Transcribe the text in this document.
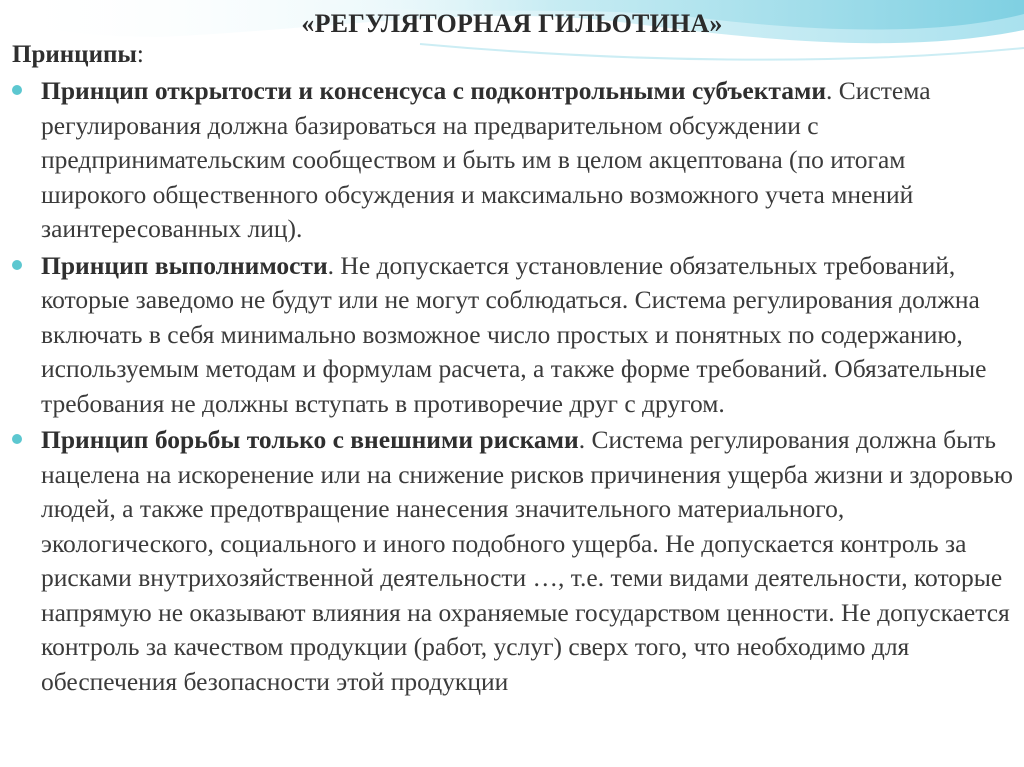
«РЕГУЛЯТОРНАЯ ГИЛЬОТИНА»

Принципы:

Принцип открытости и консенсуса с подконтрольными субъектами. Система регулирования должна базироваться на предварительном обсуждении с предпринимательским сообществом и быть им в целом акцептована (по итогам широкого общественного обсуждения и максимально возможного учета мнений заинтересованных лиц).
Принцип выполнимости. Не допускается установление обязательных требований, которые заведомо не будут или не могут соблюдаться. Система регулирования должна включать в себя минимально возможное число простых и понятных по содержанию, используемым методам и формулам расчета, а также форме требований. Обязательные требования не должны вступать в противоречие друг с другом.
Принцип борьбы только с внешними рисками. Система регулирования должна быть нацелена на искоренение или на снижение рисков причинения ущерба жизни и здоровью людей, а также предотвращение нанесения значительного материального, экологического, социального и иного подобного ущерба. Не допускается контроль за рисками внутрихозяйственной деятельности …, т.е. теми видами деятельности, которые напрямую не оказывают влияния на охраняемые государством ценности. Не допускается контроль за качеством продукции (работ, услуг) сверх того, что необходимо для обеспечения безопасности этой продукции
